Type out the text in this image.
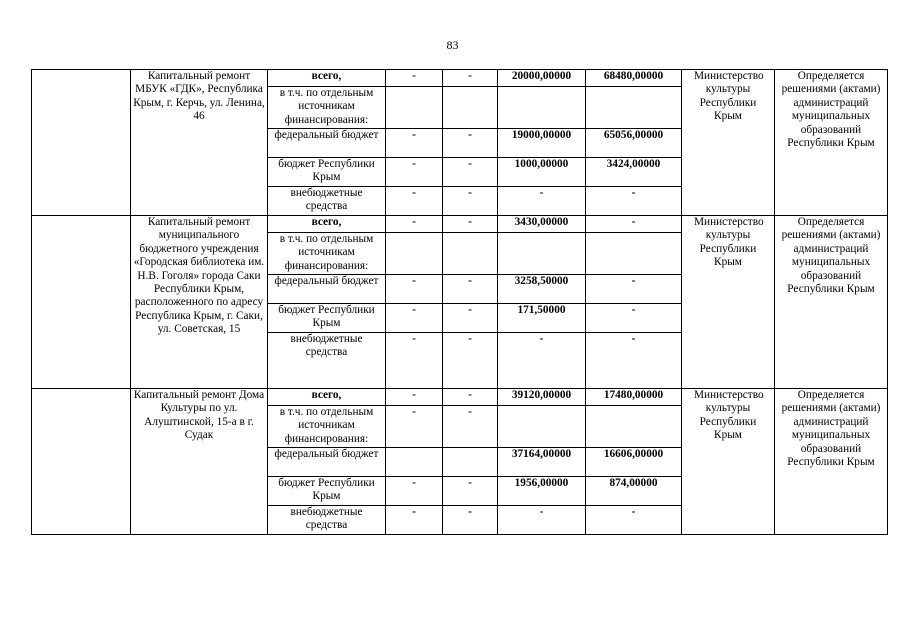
83
	Капитальный ремонт МБУК «ГДК», Республика Крым, г. Керчь, ул. Ленина, 46	всего,	-	-	20000,00000	68480,00000	Министерство культуры Республики Крым	Определяется решениями (актами) администраций муниципальных образований Республики Крым
		в т.ч. по отдельным источникам финансирования:						
		федеральный бюджет	-	-	19000,00000	65056,00000		
		бюджет Республики Крым	-	-	1000,00000	3424,00000		
		внебюджетные средства	-	-	-	-		
	Капитальный ремонт муниципального бюджетного учреждения «Городская библиотека им. Н.В. Гоголя» города Саки Республики Крым, расположенного по адресу Республика Крым, г. Саки, ул. Советская, 15	всего,	-	-	3430,00000	-	Министерство культуры Республики Крым	Определяется решениями (актами) администраций муниципальных образований Республики Крым
		в т.ч. по отдельным источникам финансирования:						
		федеральный бюджет	-	-	3258,50000	-		
		бюджет Республики Крым	-	-	171,50000	-		
		внебюджетные средства	-	-	-	-		
	Капитальный ремонт Дома Культуры по ул. Алуштинской, 15-а в г. Судак	всего,	-	-	39120,00000	17480,00000	Министерство культуры Республики Крым	Определяется решениями (актами) администраций муниципальных образований Республики Крым
		в т.ч. по отдельным источникам финансирования:	-	-				
		федеральный бюджет			37164,00000	16606,00000		
		бюджет Республики Крым	-	-	1956,00000	874,00000		
		внебюджетные средства	-	-	-	-		
